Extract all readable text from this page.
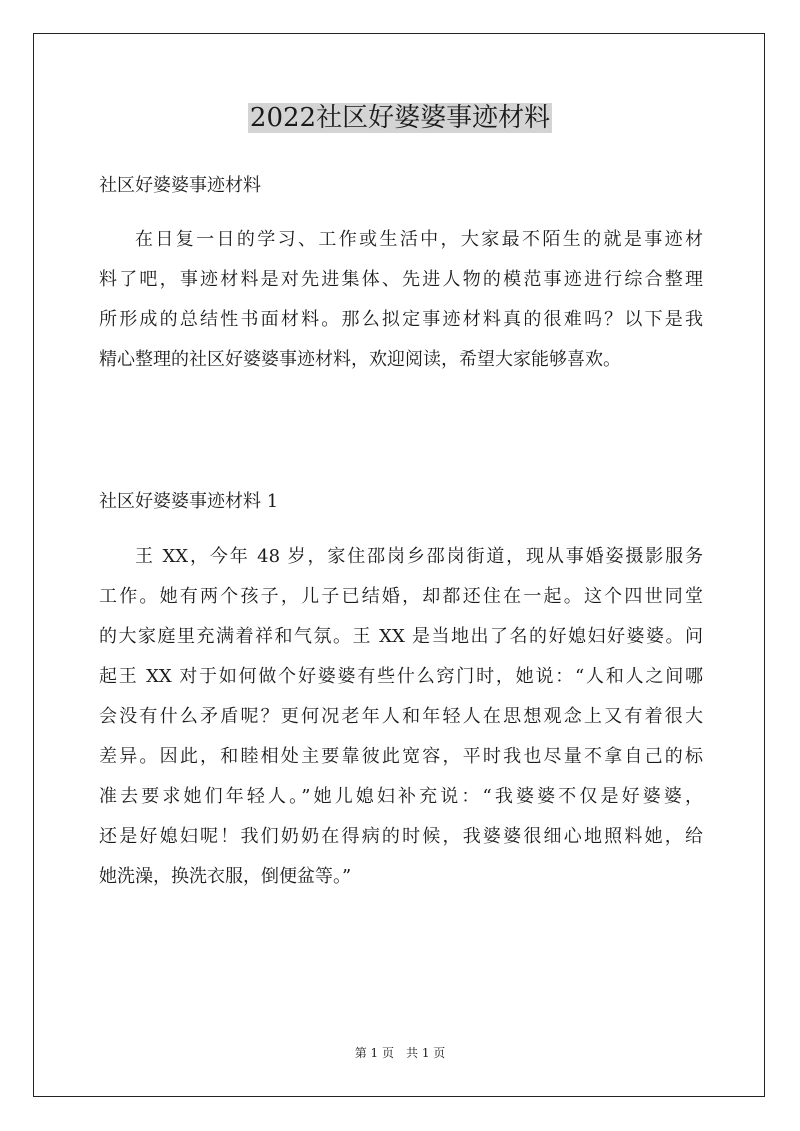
2022社区好婆婆事迹材料
社区好婆婆事迹材料
在日复一日的学习、工作或生活中，大家最不陌生的就是事迹材
料了吧，事迹材料是对先进集体、先进人物的模范事迹进行综合整理
所形成的总结性书面材料。那么拟定事迹材料真的很难吗？以下是我
精心整理的社区好婆婆事迹材料，欢迎阅读，希望大家能够喜欢。
社区好婆婆事迹材料 1
王 XX，今年 48 岁，家住邵岗乡邵岗街道，现从事婚姿摄影服务
工作。她有两个孩子，儿子已结婚，却都还住在一起。这个四世同堂
的大家庭里充满着祥和气氛。王 XX 是当地出了名的好媳妇好婆婆。问
起王 XX 对于如何做个好婆婆有些什么窍门时，她说：“人和人之间哪
会没有什么矛盾呢？更何况老年人和年轻人在思想观念上又有着很大
差异。因此，和睦相处主要靠彼此宽容，平时我也尽量不拿自己的标
准去要求她们年轻人。”她儿媳妇补充说：“我婆婆不仅是好婆婆，
还是好媳妇呢！我们奶奶在得病的时候，我婆婆很细心地照料她，给
她洗澡，换洗衣服，倒便盆等。”
第 1 页　共 1 页
